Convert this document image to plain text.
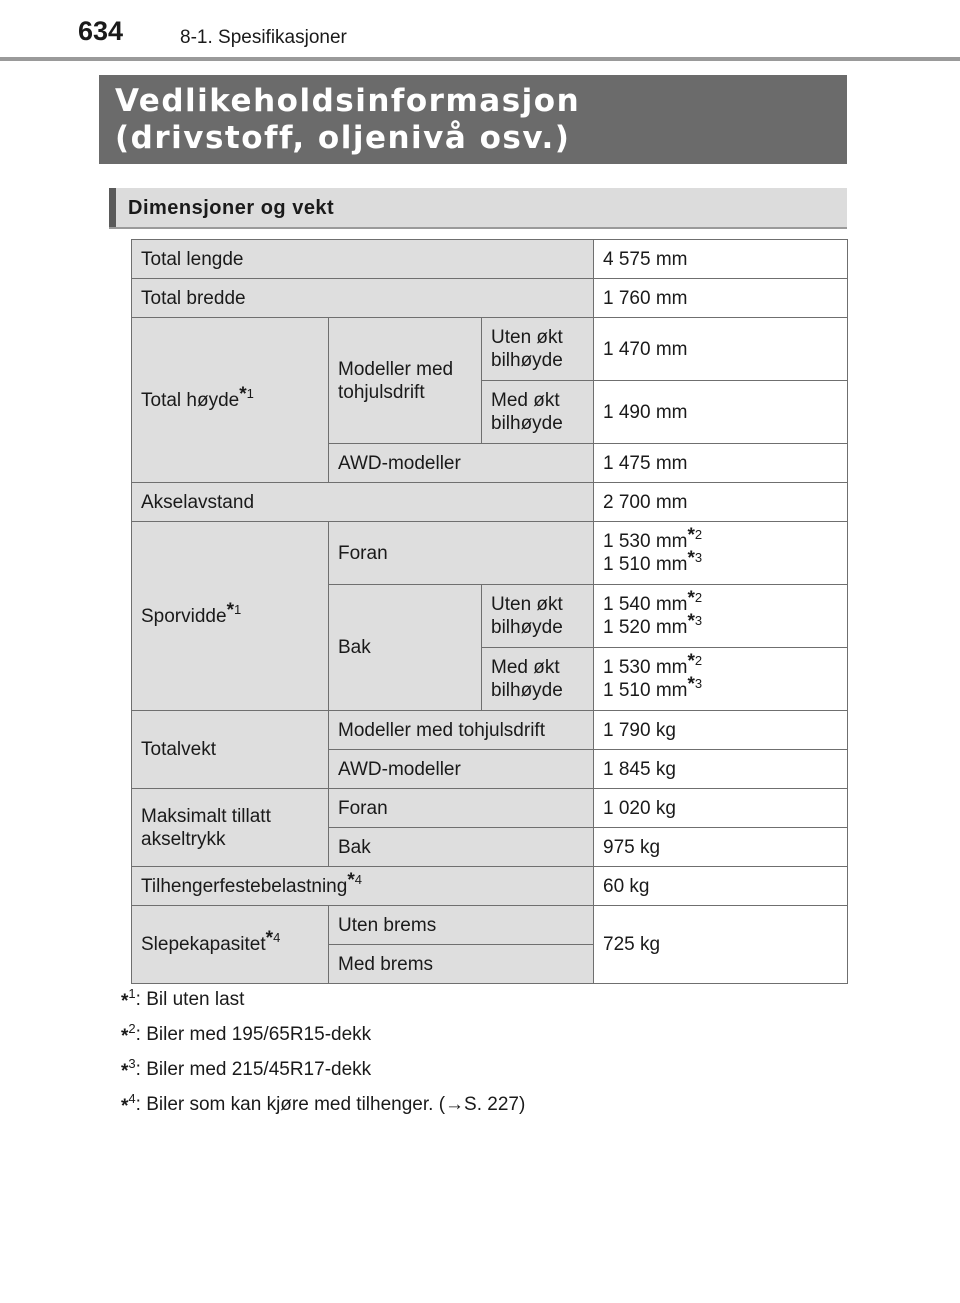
634	8-1. Spesifikasjoner
Vedlikeholdsinformasjon
(drivstoff, oljenivå osv.)
Dimensjoner og vekt
Total lengde			4 575 mm
Total bredde			1 760 mm
Total høyde$^{*1}$	Modeller med tohjulsdrift	Uten økt bilhøyde	1 470 mm
		Med økt bilhøyde	1 490 mm
	AWD-modeller		1 475 mm
Akselavstand			2 700 mm
Sporvidde$^{*1}$	Foran		1 530 mm$^{*2}$
1 510 mm$^{*3}$

	Bak	Uten økt bilhøyde	1 540 mm$^{*2}$
1 520 mm$^{*3}$

		Med økt bilhøyde	1 530 mm$^{*2}$
1 510 mm$^{*3}$

Totalvekt	Modeller med tohjulsdrift		1 790 kg
	AWD-modeller		1 845 kg

Maksimalt tillatt akseltrykk	Foran		1 020 kg
	Bak		975 kg
Tilhengerfestebelastning$^{*4}$			60 kg
Slepekapasitet$^{*4}$	Uten brems		725 kg
	Med brems		
*$^1$: Bil uten last
*$^2$: Biler med 195/65R15-dekk
*$^3$: Biler med 215/45R17-dekk
*$^4$: Biler som kan kjøre med tilhenger. (→S. 227)
